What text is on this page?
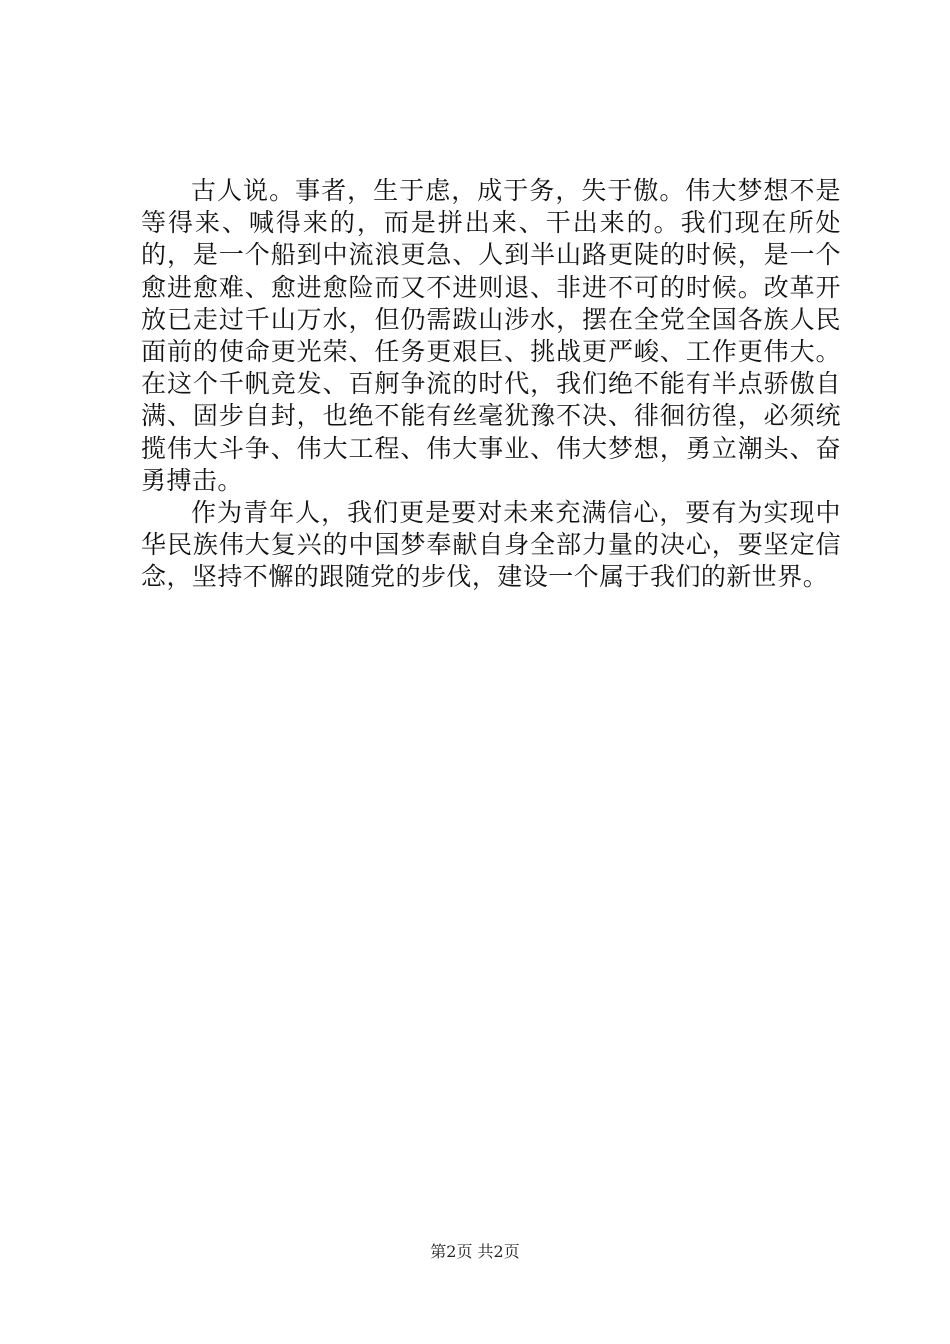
古人说。事者，生于虑，成于务，失于傲。伟大梦想不是等得来、喊得来的，而是拼出来、干出来的。我们现在所处的，是一个船到中流浪更急、人到半山路更陡的时候，是一个愈进愈难、愈进愈险而又不进则退、非进不可的时候。改革开放已走过千山万水，但仍需跋山涉水，摆在全党全国各族人民面前的使命更光荣、任务更艰巨、挑战更严峻、工作更伟大。在这个千帆竞发、百舸争流的时代，我们绝不能有半点骄傲自满、固步自封，也绝不能有丝毫犹豫不决、徘徊彷徨，必须统揽伟大斗争、伟大工程、伟大事业、伟大梦想，勇立潮头、奋勇搏击。

作为青年人，我们更是要对未来充满信心，要有为实现中华民族伟大复兴的中国梦奉献自身全部力量的决心，要坚定信念，坚持不懈的跟随党的步伐，建设一个属于我们的新世界。

第2页 共2页
